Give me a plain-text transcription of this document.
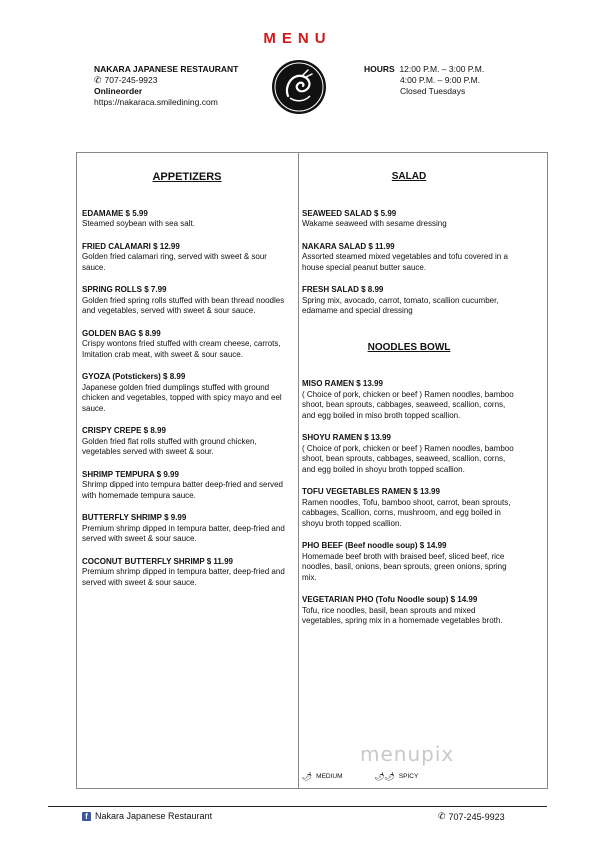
MENU
NAKARA JAPANESE RESTAURANT
✆ 707-245-9923
Onlineorder
https://nakaraca.smiledining.com
HOURS 12:00 P.M. – 3:00 P.M.
4:00 P.M. – 9:00 P.M.
Closed Tuesdays
APPETIZERS
EDAMAME $ 5.99
Steamed soybean with sea salt.
FRIED CALAMARI $ 12.99
Golden fried calamari ring, served with sweet & sour sauce.
SPRING ROLLS $ 7.99
Golden fried spring rolls stuffed with bean thread noodles and vegetables, served with sweet & sour sauce.
GOLDEN BAG $ 8.99
Crispy wontons fried stuffed with cream cheese, carrots, Imitation crab meat, with sweet & sour sauce.
GYOZA (Potstickers) $ 8.99
Japanese golden fried dumplings stuffed with ground chicken and vegetables, topped with spicy mayo and eel sauce.
CRISPY CREPE $ 8.99
Golden fried flat rolls stuffed with ground chicken, vegetables served with sweet & sour.
SHRIMP TEMPURA $ 9.99
Shrimp dipped into tempura batter deep-fried and served with homemade tempura sauce.
BUTTERFLY SHRIMP $ 9.99
Premium shrimp dipped in tempura batter, deep-fried and served with sweet & sour sauce.
COCONUT BUTTERFLY SHRIMP $ 11.99
Premium shrimp dipped in tempura batter, deep-fried and served with sweet & sour sauce.
SALAD
SEAWEED SALAD $ 5.99
Wakame seaweed with sesame dressing
NAKARA SALAD $ 11.99
Assorted steamed mixed vegetables and tofu covered in a house special peanut butter sauce.
FRESH SALAD $ 8.99
Spring mix, avocado, carrot, tomato, scallion cucumber, edamame and special dressing
NOODLES BOWL
MISO RAMEN $ 13.99
( Choice of pork, chicken or beef ) Ramen noodles, bamboo shoot, bean sprouts, cabbages, seaweed, scallion, corns, and egg boiled in miso broth topped scallion.
SHOYU RAMEN $ 13.99
( Choice of pork, chicken or beef ) Ramen noodles, bamboo shoot, bean sprouts, cabbages, seaweed, scallion, corns, and egg boiled in shoyu broth topped scallion.
TOFU VEGETABLES RAMEN $ 13.99
Ramen noodles, Tofu, bamboo shoot, carrot, bean sprouts, cabbages, Scallion, corns, mushroom, and egg boiled in shoyu broth topped scallion.
PHO BEEF (Beef noodle soup) $ 14.99
Homemade beef broth with braised beef, sliced beef, rice noodles, basil, onions, bean sprouts, green onions, spring mix.
VEGETARIAN PHO (Tofu Noodle soup) $ 14.99
Tofu, rice noodles, basil, bean sprouts and mixed vegetables, spring mix in a homemade vegetables broth.
🌶 MEDIUM	🌶🌶 SPICY
menupix
f Nakara Japanese Restaurant	✆ 707-245-9923
